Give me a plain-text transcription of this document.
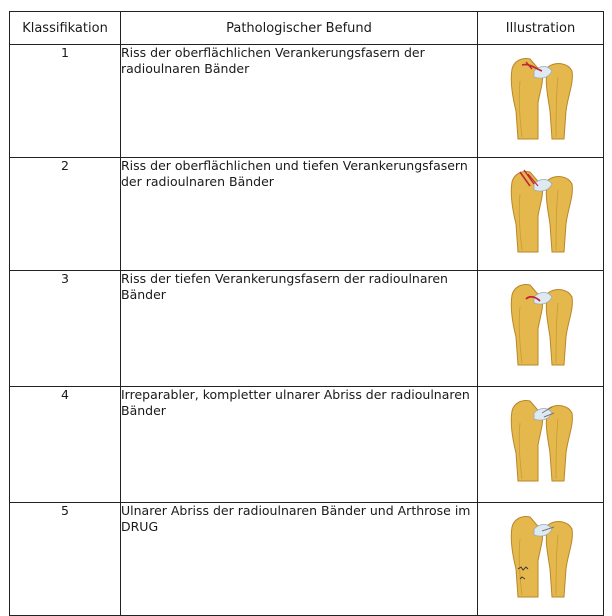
Klassifikation	Pathologischer Befund	Illustration
1	Riss der oberflächlichen Verankerungsfasern der radioulnaren Bänder	

2	Riss der oberflächlichen und tiefen Verankerungsfasern der radioulnaren Bänder	

3	Riss der tiefen Verankerungsfasern der radioulnaren Bänder	

4	Irreparabler, kompletter ulnarer Abriss der radioulnaren Bänder	

5	Ulnarer Abriss der radioulnaren Bänder und Arthrose im DRUG	
